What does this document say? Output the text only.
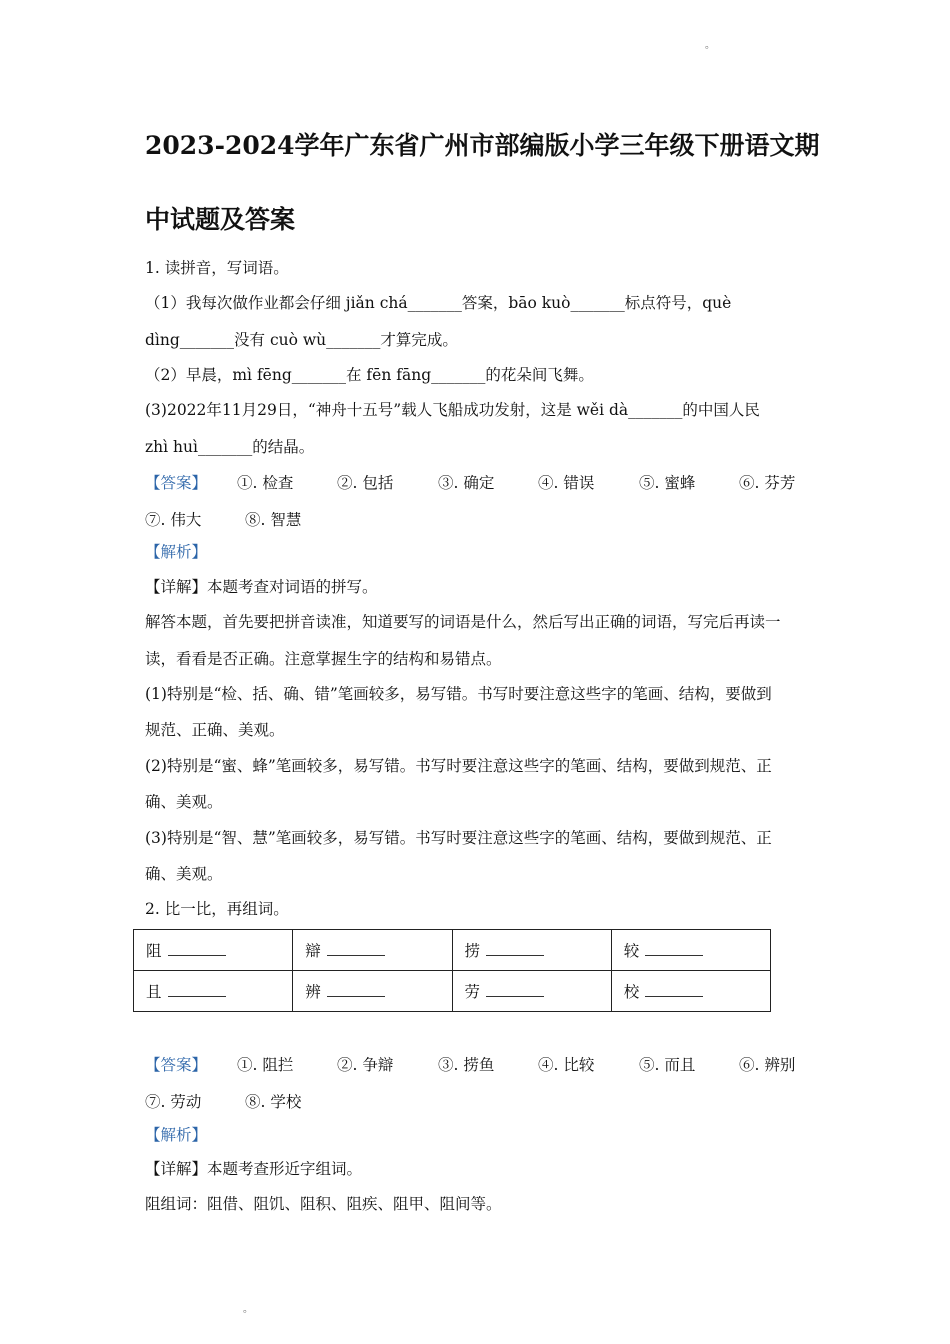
。
2023-2024学年广东省广州市部编版小学三年级下册语文期
中试题及答案
1. 读拼音，写词语。
（1）我每次做作业都会仔细 jiǎn chá_______答案，bāo kuò_______标点符号，què
dìng_______没有 cuò wù_______才算完成。
（2）早晨，mì fēng_______在 fēn fāng_______的花朵间飞舞。
(3)2022年11月29日，“神舟十五号”载人飞船成功发射，这是 wěi dà_______的中国人民
zhì huì_______的结晶。
【答案】 ①. 检查	②. 包括	③. 确定	④. 错误	⑤. 蜜蜂	⑥. 芬芳
⑦. 伟大	⑧. 智慧
【解析】
【详解】本题考查对词语的拼写。
解答本题，首先要把拼音读准，知道要写的词语是什么，然后写出正确的词语，写完后再读一
读，看看是否正确。注意掌握生字的结构和易错点。
(1)特别是“检、括、确、错”笔画较多，易写错。书写时要注意这些字的笔画、结构，要做到
规范、正确、美观。
(2)特别是“蜜、蜂”笔画较多，易写错。书写时要注意这些字的笔画、结构，要做到规范、正
确、美观。
(3)特别是“智、慧”笔画较多，易写错。书写时要注意这些字的笔画、结构，要做到规范、正
确、美观。
2. 比一比，再组词。
阻	辯	捞	较
且	辨	劳	校
【答案】 ①. 阻拦	②. 争辯	③. 捞鱼	④. 比较	⑤. 而且	⑥. 辨别
⑦. 劳动	⑧. 学校
【解析】
【详解】本题考查形近字组词。
阻组词：阻借、阻饥、阻积、阻疾、阻甲、阻间等。
。
